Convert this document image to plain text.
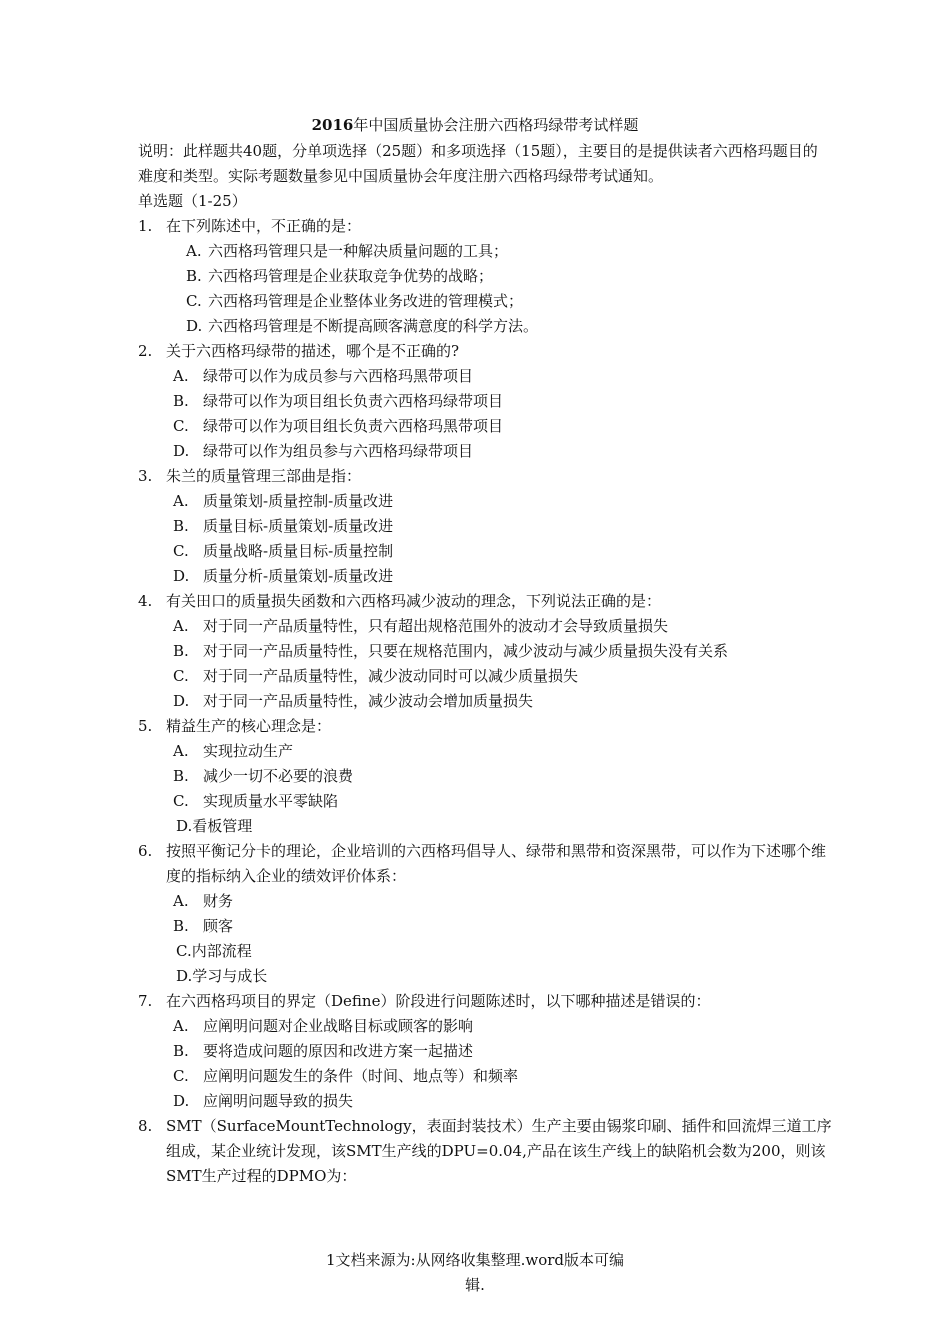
2016年中国质量协会注册六西格玛绿带考试样题
说明：此样题共40题，分单项选择（25题）和多项选择（15题），主要目的是提供读者六西格玛题目的难度和类型。实际考题数量参见中国质量协会年度注册六西格玛绿带考试通知。
单选题（1-25）
1. 在下列陈述中，不正确的是：
A. 六西格玛管理只是一种解决质量问题的工具；
B. 六西格玛管理是企业获取竞争优势的战略；
C. 六西格玛管理是企业整体业务改进的管理模式；
D. 六西格玛管理是不断提高顾客满意度的科学方法。
2. 关于六西格玛绿带的描述，哪个是不正确的?
A. 绿带可以作为成员参与六西格玛黑带项目
B. 绿带可以作为项目组长负责六西格玛绿带项目
C. 绿带可以作为项目组长负责六西格玛黑带项目
D. 绿带可以作为组员参与六西格玛绿带项目
3. 朱兰的质量管理三部曲是指：
A. 质量策划-质量控制-质量改进
B. 质量目标-质量策划-质量改进
C. 质量战略-质量目标-质量控制
D. 质量分析-质量策划-质量改进
4. 有关田口的质量损失函数和六西格玛减少波动的理念，下列说法正确的是：
A. 对于同一产品质量特性，只有超出规格范围外的波动才会导致质量损失
B. 对于同一产品质量特性，只要在规格范围内，减少波动与减少质量损失没有关系
C. 对于同一产品质量特性，减少波动同时可以减少质量损失
D. 对于同一产品质量特性，减少波动会增加质量损失
5. 精益生产的核心理念是：
A. 实现拉动生产
B. 减少一切不必要的浪费
C. 实现质量水平零缺陷
D.看板管理
6. 按照平衡记分卡的理论，企业培训的六西格玛倡导人、绿带和黑带和资深黑带，可以作为下述哪个维度的指标纳入企业的绩效评价体系：
A. 财务
B. 顾客
C.内部流程
D.学习与成长
7. 在六西格玛项目的界定（Define）阶段进行问题陈述时，以下哪种描述是错误的：
A. 应阐明问题对企业战略目标或顾客的影响
B. 要将造成问题的原因和改进方案一起描述
C. 应阐明问题发生的条件（时间、地点等）和频率
D. 应阐明问题导致的损失
8. SMT（SurfaceMountTechnology，表面封装技术）生产主要由锡浆印刷、插件和回流焊三道工序组成，某企业统计发现，该SMT生产线的DPU=0.04,产品在该生产线上的缺陷机会数为200，则该SMT生产过程的DPMO为：
1文档来源为:从网络收集整理.word版本可编
辑.
